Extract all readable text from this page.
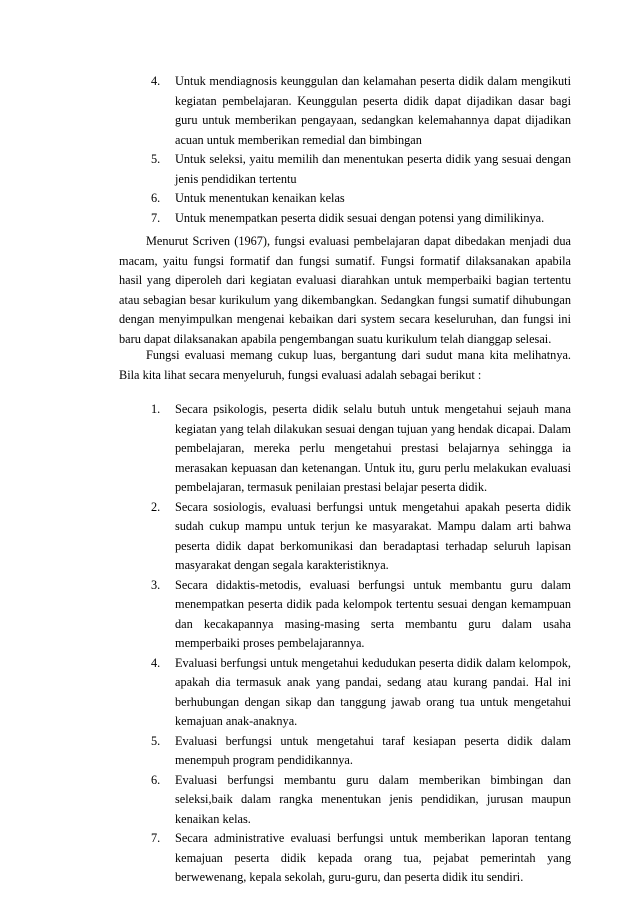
4. Untuk mendiagnosis keunggulan dan kelamahan peserta didik dalam mengikuti kegiatan pembelajaran. Keunggulan peserta didik dapat dijadikan dasar bagi guru untuk memberikan pengayaan, sedangkan kelemahannya dapat dijadikan acuan untuk memberikan remedial dan bimbingan
5. Untuk seleksi, yaitu memilih dan menentukan peserta didik yang sesuai dengan jenis pendidikan tertentu
6. Untuk menentukan kenaikan kelas
7. Untuk menempatkan peserta didik sesuai dengan potensi yang dimilikinya.

Menurut Scriven (1967), fungsi evaluasi pembelajaran dapat dibedakan menjadi dua macam, yaitu fungsi formatif dan fungsi sumatif. Fungsi formatif dilaksanakan apabila hasil yang diperoleh dari kegiatan evaluasi diarahkan untuk memperbaiki bagian tertentu atau sebagian besar kurikulum yang dikembangkan. Sedangkan fungsi sumatif dihubungan dengan menyimpulkan mengenai kebaikan dari system secara keseluruhan, dan fungsi ini baru dapat dilaksanakan apabila pengembangan suatu kurikulum telah dianggap selesai.

Fungsi evaluasi memang cukup luas, bergantung dari sudut mana kita melihatnya. Bila kita lihat secara menyeluruh, fungsi evaluasi adalah sebagai berikut :

1. Secara psikologis, peserta didik selalu butuh untuk mengetahui sejauh mana kegiatan yang telah dilakukan sesuai dengan tujuan yang hendak dicapai. Dalam pembelajaran, mereka perlu mengetahui prestasi belajarnya sehingga ia merasakan kepuasan dan ketenangan. Untuk itu, guru perlu melakukan evaluasi pembelajaran, termasuk penilaian prestasi belajar peserta didik.
2. Secara sosiologis, evaluasi berfungsi untuk mengetahui apakah peserta didik sudah cukup mampu untuk terjun ke masyarakat. Mampu dalam arti bahwa peserta didik dapat berkomunikasi dan beradaptasi terhadap seluruh lapisan masyarakat dengan segala karakteristiknya.
3. Secara didaktis-metodis, evaluasi berfungsi untuk membantu guru dalam menempatkan peserta didik pada kelompok tertentu sesuai dengan kemampuan dan kecakapannya masing-masing serta membantu guru dalam usaha memperbaiki proses pembelajarannya.
4. Evaluasi berfungsi untuk mengetahui kedudukan peserta didik dalam kelompok, apakah dia termasuk anak yang pandai, sedang atau kurang pandai. Hal ini berhubungan dengan sikap dan tanggung jawab orang tua untuk mengetahui kemajuan anak-anaknya.
5. Evaluasi berfungsi untuk mengetahui taraf kesiapan peserta didik dalam menempuh program pendidikannya.
6. Evaluasi berfungsi membantu guru dalam memberikan bimbingan dan seleksi,baik dalam rangka menentukan jenis pendidikan, jurusan maupun kenaikan kelas.
7. Secara administrative evaluasi berfungsi untuk memberikan laporan tentang kemajuan peserta didik kepada orang tua, pejabat pemerintah yang berwewenang, kepala sekolah, guru-guru, dan peserta didik itu sendiri.
